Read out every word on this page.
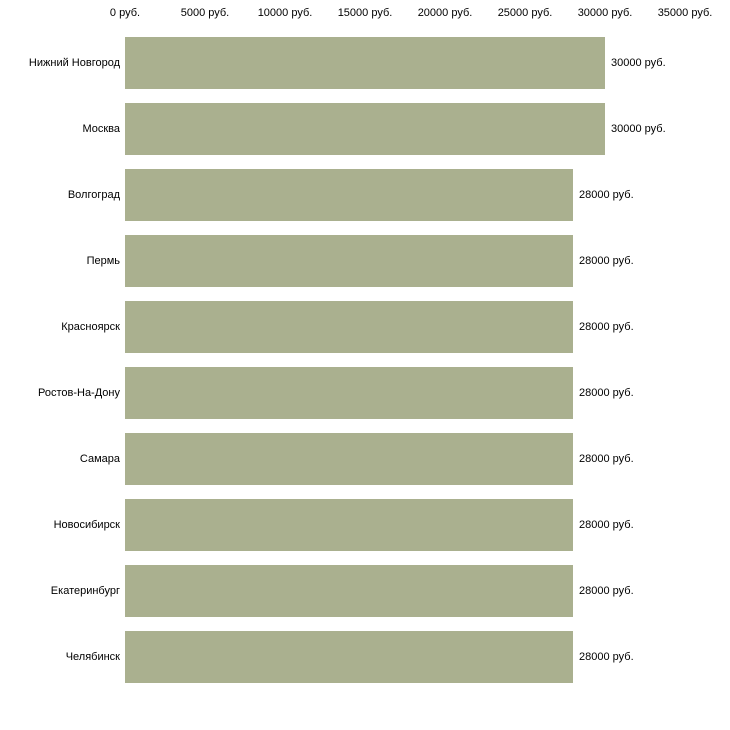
0 руб.	5000 руб.	10000 руб. 15000 руб. 20000 руб. 25000 руб. 30000 руб. 35000 руб.
Нижний Новгород
Москва
Волгоград
Пермь
Красноярск
Ростов-На-Дону
Самара
Новосибирск
Екатеринбург
Челябинск
30000 руб.
30000 руб.
28000 руб.
28000 руб.
28000 руб.
28000 руб.
28000 руб.
28000 руб.
28000 руб.
28000 руб.
